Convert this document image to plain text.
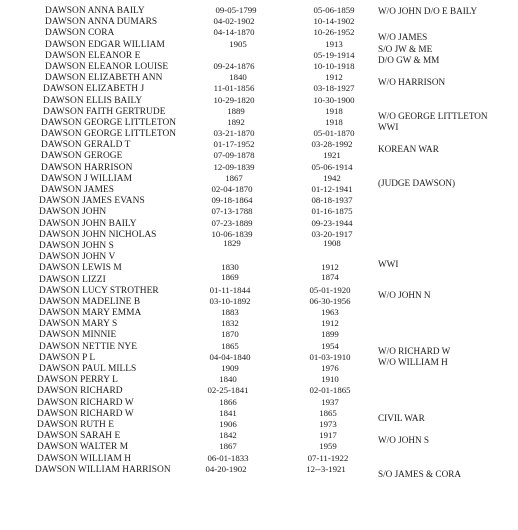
DAWSON ANNA BAILY	09-05-1799	05-06-1859	W/O JOHN D/O E BAILY
DAWSON ANNA DUMARS	04-02-1902	10-14-1902
DAWSON CORA	04-14-1870	10-26-1952	W/O JAMES
DAWSON EDGAR WILLIAM	1905	1913	S/O JW & ME
DAWSON ELEANOR E	05-19-1914	D/O GW & MM
DAWSON ELEANOR LOUISE	09-24-1876	10-10-1918
DAWSON ELIZABETH ANN	1840	1912	W/O HARRISON
DAWSON ELIZABETH J	11-01-1856	03-18-1927
DAWSON ELLIS BAILY	10-29-1820	10-30-1900
DAWSON FAITH GERTRUDE	1889	1918	W/O GEORGE LITTLETON
DAWSON GEORGE LITTLETON	1892	1918	WWI
DAWSON GEORGE LITTLETON	03-21-1870	05-01-1870
DAWSON GERALD T	01-17-1952	03-28-1992	KOREAN WAR
DAWSON GEROGE	07-09-1878	1921
DAWSON HARRISON	12-09-1839	05-06-1914
DAWSON J WILLIAM	1867	1942	(JUDGE DAWSON)
DAWSON JAMES	02-04-1870	01-12-1941
DAWSON JAMES EVANS	09-18-1864	08-18-1937
DAWSON JOHN	07-13-1788	01-16-1875
DAWSON JOHN BAILY	07-23-1889	09-23-1944
DAWSON JOHN NICHOLAS	10-06-1839	03-20-1917
DAWSON JOHN S	1829	1908
DAWSON JOHN V
DAWSON LEWIS M	1830	1912	WWI
DAWSON LIZZI	1869	1874
DAWSON LUCY STROTHER	01-11-1844	05-01-1920	W/O JOHN N
DAWSON MADELINE B	03-10-1892	06-30-1956
DAWSON MARY EMMA	1883	1963
DAWSON MARY S	1832	1912
DAWSON MINNIE	1870	1899
DAWSON NETTIE NYE	1865	1954	W/O RICHARD W
DAWSON P L	04-04-1840	01-03-1910	W/O WILLIAM H
DAWSON PAUL MILLS	1909	1976
DAWSON PERRY L	1840	1910
DAWSON RICHARD	02-25-1841	02-01-1865
DAWSON RICHARD W	1866	1937
DAWSON RICHARD W	1841	1865	CIVIL WAR
DAWSON RUTH E	1906	1973
DAWSON SARAH E	1842	1917	W/O JOHN S
DAWSON WALTER M	1867	1959
DAWSON WILLIAM H	06-01-1833	07-11-1922
DAWSON WILLIAM HARRISON	04-20-1902	12--3-1921	S/O JAMES & CORA
